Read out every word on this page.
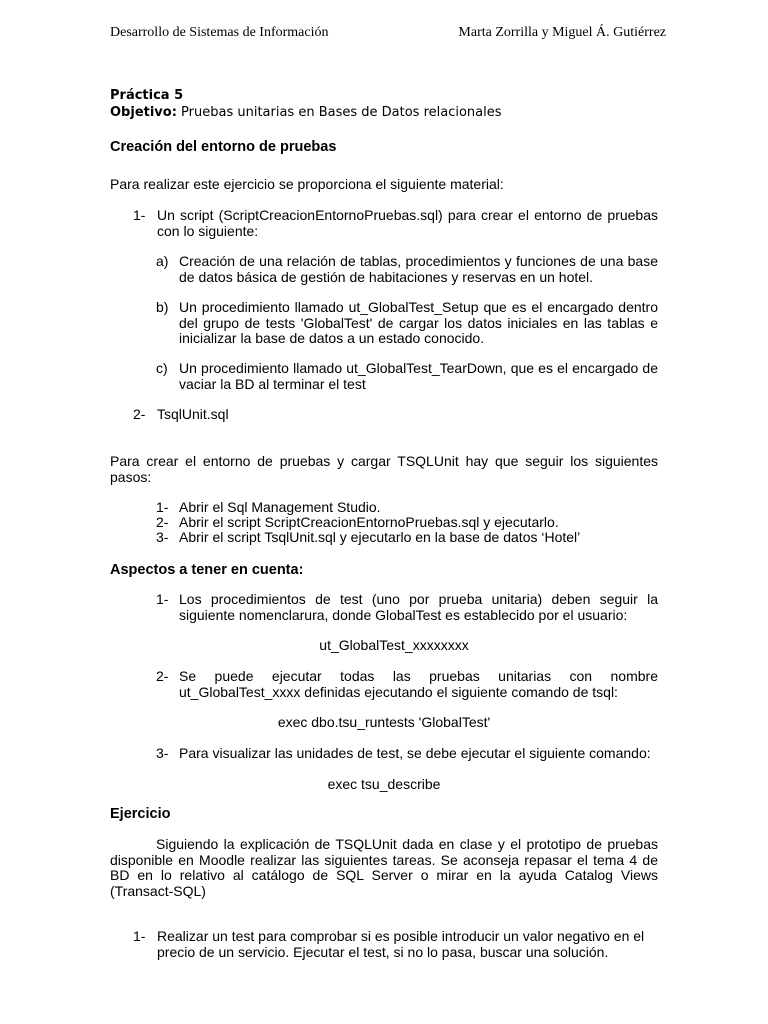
Desarrollo de Sistemas de Información	Marta Zorrilla y Miguel Á. Gutiérrez
Práctica 5
Objetivo: Pruebas unitarias en Bases de Datos relacionales
Creación del entorno de pruebas
Para realizar este ejercicio se proporciona el siguiente material:
1- Un script (ScriptCreacionEntornoPruebas.sql) para crear el entorno de pruebas con lo siguiente:
a) Creación de una relación de tablas, procedimientos y funciones de una base de datos básica de gestión de habitaciones y reservas en un hotel.
b) Un procedimiento llamado ut_GlobalTest_Setup que es el encargado dentro del grupo de tests 'GlobalTest' de cargar los datos iniciales en las tablas e inicializar la base de datos a un estado conocido.
c) Un procedimiento llamado ut_GlobalTest_TearDown, que es el encargado de vaciar la BD al terminar el test
2- TsqlUnit.sql
Para crear el entorno de pruebas y cargar TSQLUnit hay que seguir los siguientes pasos:
1- Abrir el Sql Management Studio.
2- Abrir el script ScriptCreacionEntornoPruebas.sql y ejecutarlo.
3- Abrir el script TsqlUnit.sql y ejecutarlo en la base de datos ‘Hotel’
Aspectos a tener en cuenta:
1- Los procedimientos de test (uno por prueba unitaria) deben seguir la siguiente nomenclarura, donde GlobalTest es establecido por el usuario:
ut_GlobalTest_xxxxxxxx
2- Se puede ejecutar todas las pruebas unitarias con nombre ut_GlobalTest_xxxx definidas ejecutando el siguiente comando de tsql:
exec dbo.tsu_runtests 'GlobalTest'
3- Para visualizar las unidades de test, se debe ejecutar el siguiente comando:
exec tsu_describe
Ejercicio
Siguiendo la explicación de TSQLUnit dada en clase y el prototipo de pruebas disponible en Moodle realizar las siguientes tareas. Se aconseja repasar el tema 4 de BD en lo relativo al catálogo de SQL Server o mirar en la ayuda Catalog Views (Transact-SQL)
1- Realizar un test para comprobar si es posible introducir un valor negativo en el precio de un servicio. Ejecutar el test, si no lo pasa, buscar una solución.
